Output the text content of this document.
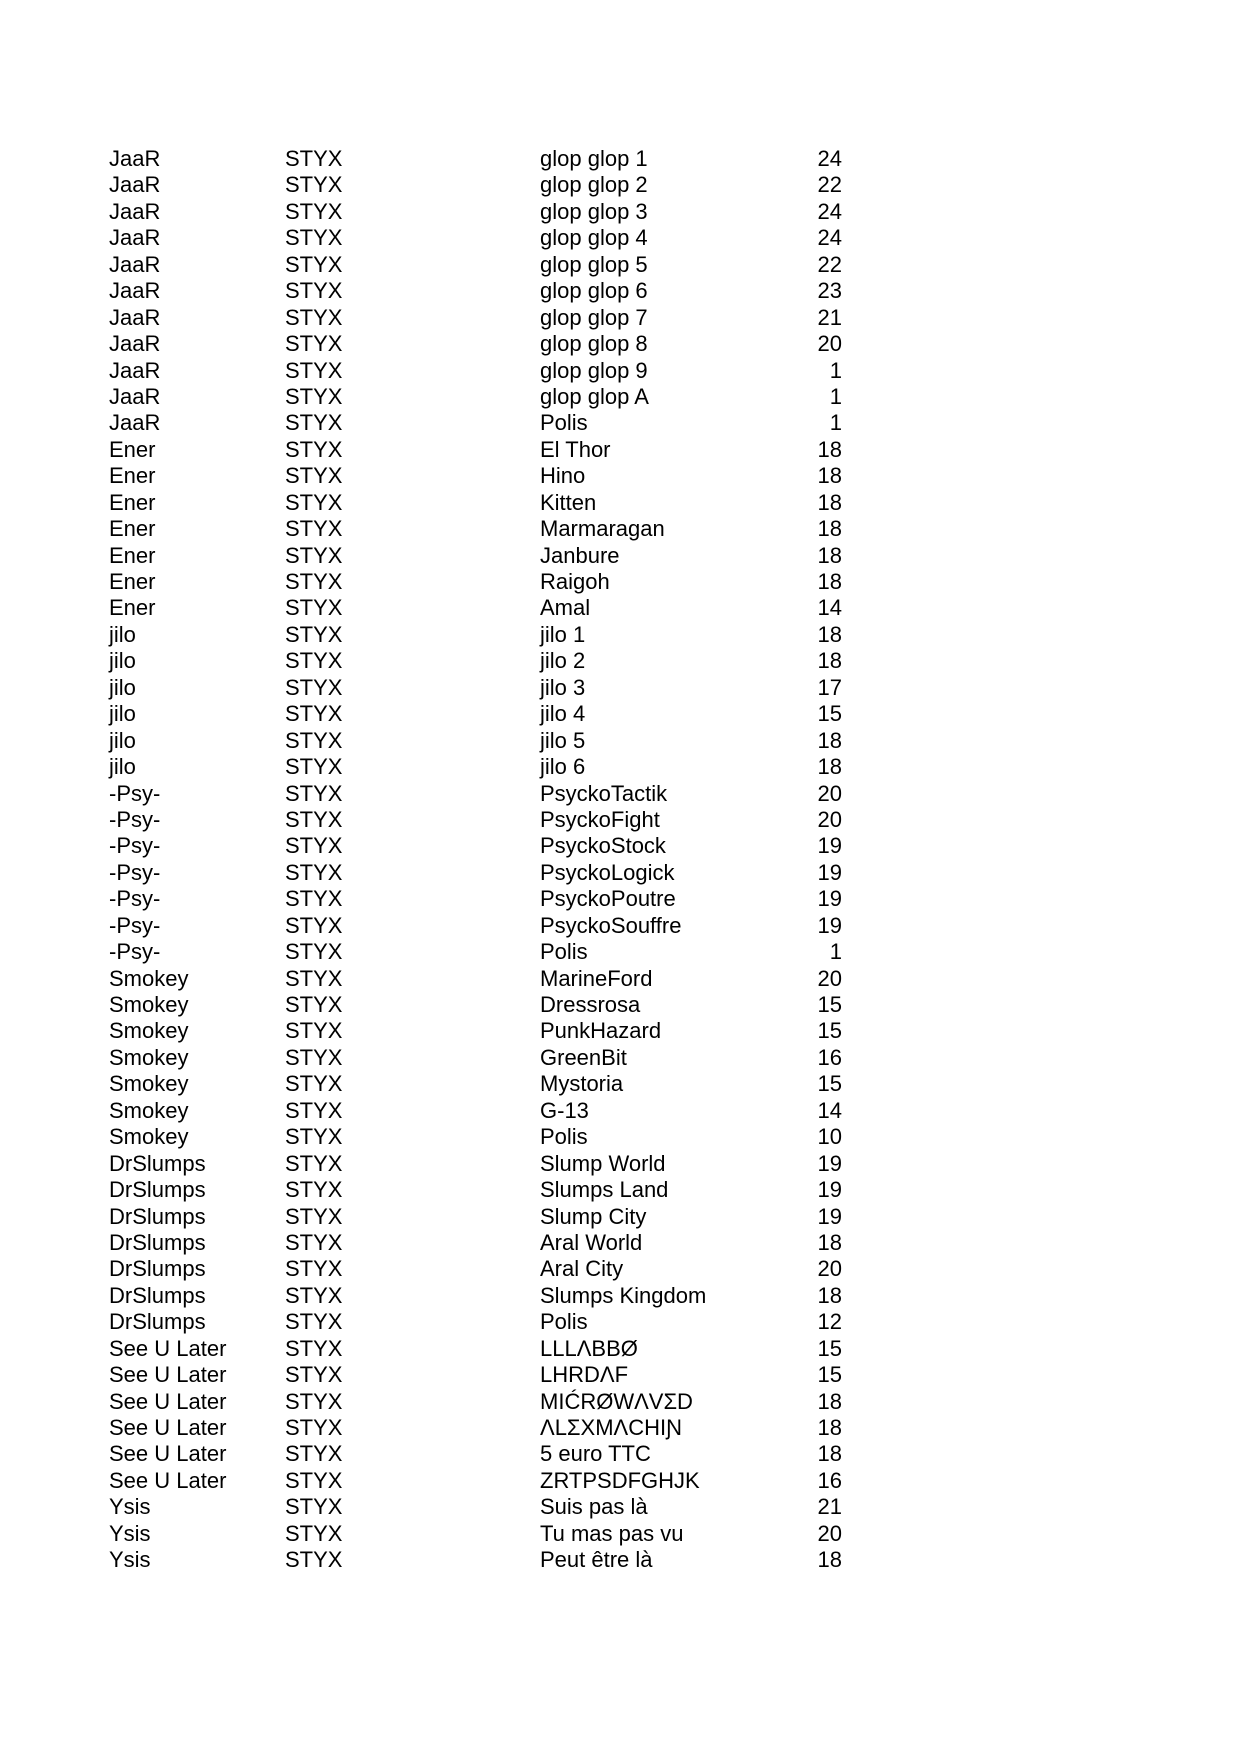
JaaR	STYX	glop glop 1	24
JaaR	STYX	glop glop 2	22
JaaR	STYX	glop glop 3	24
JaaR	STYX	glop glop 4	24
JaaR	STYX	glop glop 5	22
JaaR	STYX	glop glop 6	23
JaaR	STYX	glop glop 7	21
JaaR	STYX	glop glop 8	20
JaaR	STYX	glop glop 9	1
JaaR	STYX	glop glop A	1
JaaR	STYX	Polis	1
Ener	STYX	El Thor	18
Ener	STYX	Hino	18
Ener	STYX	Kitten	18
Ener	STYX	Marmaragan	18
Ener	STYX	Janbure	18
Ener	STYX	Raigoh	18
Ener	STYX	Amal	14
jilo	STYX	jilo 1	18
jilo	STYX	jilo 2	18
jilo	STYX	jilo 3	17
jilo	STYX	jilo 4	15
jilo	STYX	jilo 5	18
jilo	STYX	jilo 6	18
-Psy-	STYX	PsyckoTactik	20
-Psy-	STYX	PsyckoFight	20
-Psy-	STYX	PsyckoStock	19
-Psy-	STYX	PsyckoLogick	19
-Psy-	STYX	PsyckoPoutre	19
-Psy-	STYX	PsyckoSouffre	19
-Psy-	STYX	Polis	1
Smokey	STYX	MarineFord	20
Smokey	STYX	Dressrosa	15
Smokey	STYX	PunkHazard	15
Smokey	STYX	GreenBit	16
Smokey	STYX	Mystoria	15
Smokey	STYX	G-13	14
Smokey	STYX	Polis	10
DrSlumps	STYX	Slump World	19
DrSlumps	STYX	Slumps Land	19
DrSlumps	STYX	Slump City	19
DrSlumps	STYX	Aral World	18
DrSlumps	STYX	Aral City	20
DrSlumps	STYX	Slumps Kingdom	18
DrSlumps	STYX	Polis	12
See U Later	STYX	LLLΛBBØ	15
See U Later	STYX	LHRDΛF	15
See U Later	STYX	MIĆRØWΛVΣD	18
See U Later	STYX	ΛLΣXMΛCHIƝ	18
See U Later	STYX	5 euro TTC	18
See U Later	STYX	ZRTPSDFGHJK	16
Ysis	STYX	Suis pas là	21
Ysis	STYX	Tu mas pas vu	20
Ysis	STYX	Peut être là	18
